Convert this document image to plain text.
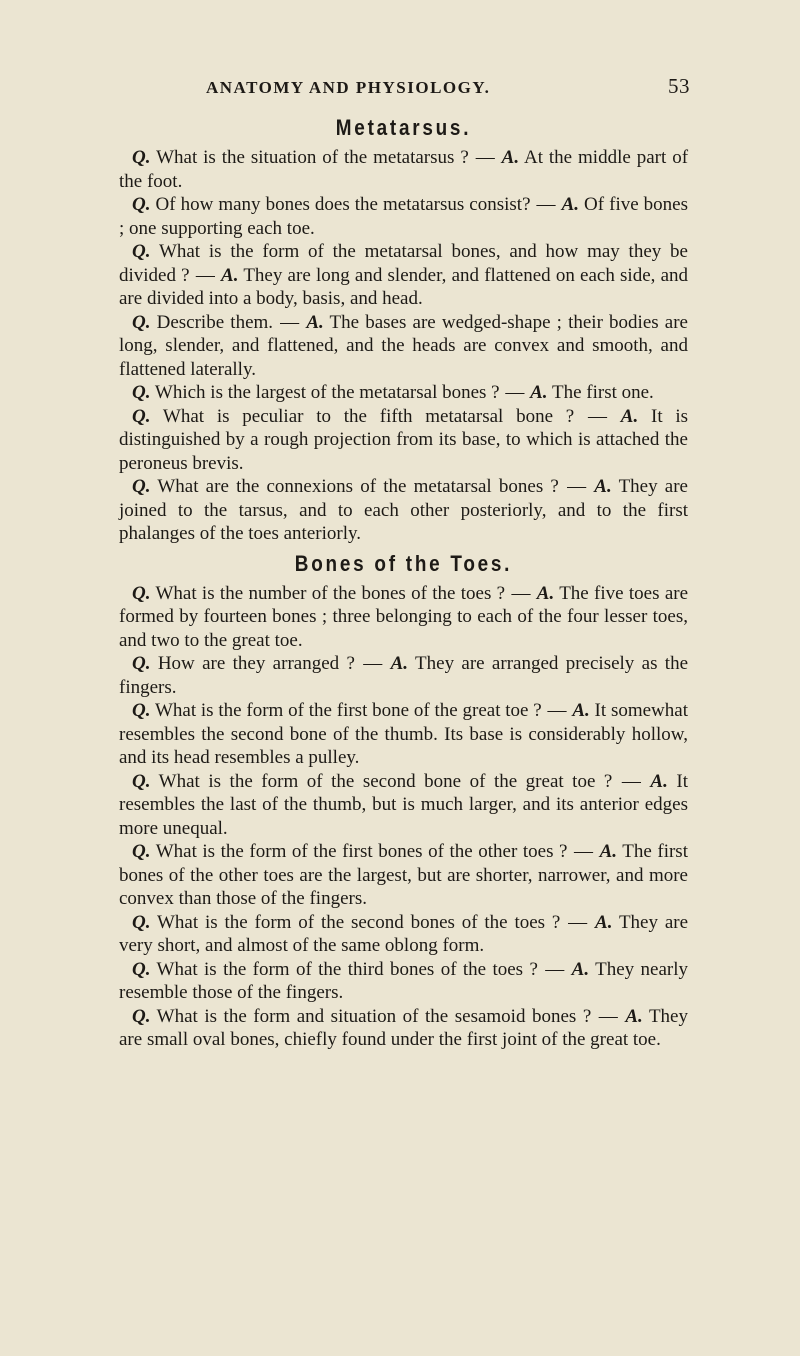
ANATOMY AND PHYSIOLOGY.	53
Metatarsus.

Q. What is the situation of the metatarsus ? — A. At the middle part of the foot.

Q. Of how many bones does the metatarsus consist? — A. Of five bones ; one supporting each toe.

Q. What is the form of the metatarsal bones, and how may they be divided ? — A. They are long and slender, and flattened on each side, and are divided into a body, basis, and head.

Q. Describe them. — A. The bases are wedged-shape ; their bodies are long, slender, and flattened, and the heads are convex and smooth, and flattened laterally.

Q. Which is the largest of the metatarsal bones ? — A. The first one.

Q. What is peculiar to the fifth metatarsal bone ? — A. It is distinguished by a rough projection from its base, to which is attached the peroneus brevis.

Q. What are the connexions of the metatarsal bones ? — A. They are joined to the tarsus, and to each other posteriorly, and to the first phalanges of the toes anteriorly.

Bones of the Toes.

Q. What is the number of the bones of the toes ? — A. The five toes are formed by fourteen bones ; three belonging to each of the four lesser toes, and two to the great toe.

Q. How are they arranged ? — A. They are arranged precisely as the fingers.

Q. What is the form of the first bone of the great toe ? — A. It somewhat resembles the second bone of the thumb. Its base is considerably hollow, and its head resembles a pulley.

Q. What is the form of the second bone of the great toe ? — A. It resembles the last of the thumb, but is much larger, and its anterior edges more unequal.

Q. What is the form of the first bones of the other toes ? — A. The first bones of the other toes are the largest, but are shorter, narrower, and more convex than those of the fingers.

Q. What is the form of the second bones of the toes ? — A. They are very short, and almost of the same oblong form.

Q. What is the form of the third bones of the toes ? — A. They nearly resemble those of the fingers.

Q. What is the form and situation of the sesamoid bones ? — A. They are small oval bones, chiefly found under the first joint of the great toe.
